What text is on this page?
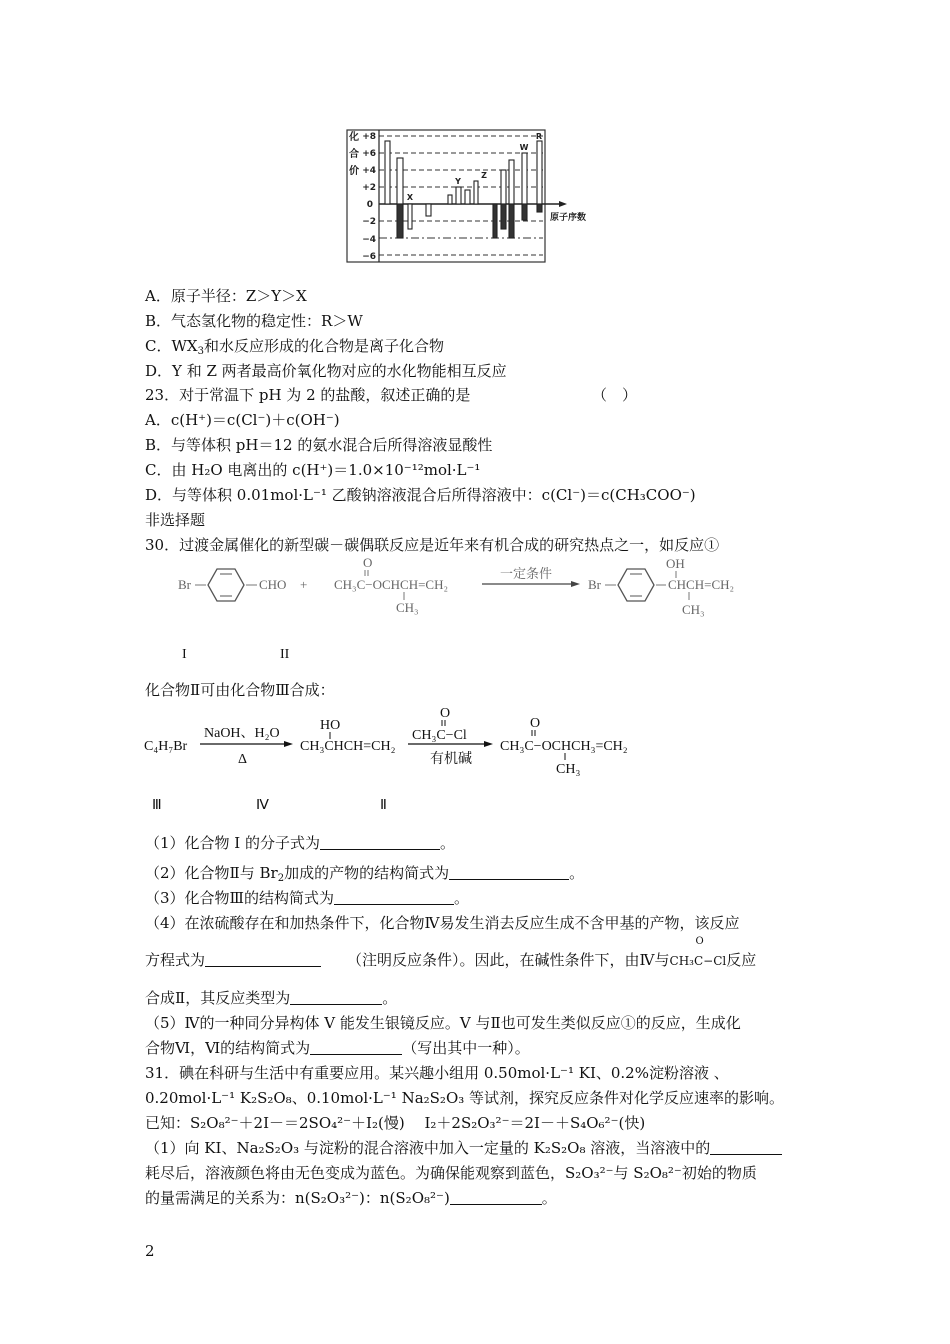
化
合
价
+8
+6
+4
+2
0
−2
−4
−6
X
Y
Z
W
R
原子序数
A．原子半径：Z＞Y＞X
B．气态氢化物的稳定性：R＞W
C．$WX_3$和水反应形成的化合物是离子化合物
D．Y 和 Z 两者最高价氧化物对应的水化物能相互反应
23．对于常温下 pH 为 2 的盐酸，叙述正确的是	（　）
A．c(H⁺)＝c(Cl⁻)＋c(OH⁻)
B．与等体积 pH＝12 的氨水混合后所得溶液显酸性
C．由 H₂O 电离出的 c(H⁺)＝1.0×10⁻¹²mol·L⁻¹
D．与等体积 0.01mol·L⁻¹ 乙酸钠溶液混合后所得溶液中：c(Cl⁻)＝c(CH₃COO⁻)
非选择题
30．过渡金属催化的新型碳－碳偶联反应是近年来有机合成的研究热点之一，如反应①
Br	CHO +
O
CH₃C−OCHCH=CH₂
CH₃
一定条件
Br
OH
CHCH=CH₂
CH₃
I	II
化合物Ⅱ可由化合物Ⅲ合成：
C₄H₇Br
NaOH、H₂O
Δ
HO
CH₃CHCH=CH₂
O
CH₃C−Cl
有机碱
O
CH₃C−OCHCH₃=CH₂
CH₃
Ⅲ	Ⅳ	Ⅱ
（1）化合物 I 的分子式为	。
（2）化合物Ⅱ与 $Br_2$加成的产物的结构简式为	。
（3）化合物Ⅲ的结构简式为	。
（4）在浓硫酸存在和加热条件下，化合物Ⅳ易发生消去反应生成不含甲基的产物，该反应
方程式为	（注明反应条件）。因此，在碱性条件下，由Ⅳ与
O
CH₃C−Cl反应
合成Ⅱ，其反应类型为	。
（5）Ⅳ的一种同分异构体 V 能发生银镜反应。V 与Ⅱ也可发生类似反应①的反应，生成化
合物Ⅵ，Ⅵ的结构简式为	（写出其中一种）。
31．碘在科研与生活中有重要应用。某兴趣小组用 0.50mol·L⁻¹ KI、0.2%淀粉溶液 、
0.20mol·L⁻¹ K₂S₂O₈、0.10mol·L⁻¹ Na₂S₂O₃ 等试剂，探究反应条件对化学反应速率的影响。
已知：S₂O₈²⁻＋2I－＝2SO₄²⁻＋I₂(慢)　 I₂＋2S₂O₃²⁻＝2I－＋S₄O₆²⁻(快)
（1）向 KI、Na₂S₂O₃ 与淀粉的混合溶液中加入一定量的 K₂S₂O₈ 溶液，当溶液中的
耗尽后，溶液颜色将由无色变成为蓝色。为确保能观察到蓝色，S₂O₃²⁻与 S₂O₈²⁻初始的物质
的量需满足的关系为：n(S₂O₃²⁻)：n(S₂O₈²⁻)	。
2
